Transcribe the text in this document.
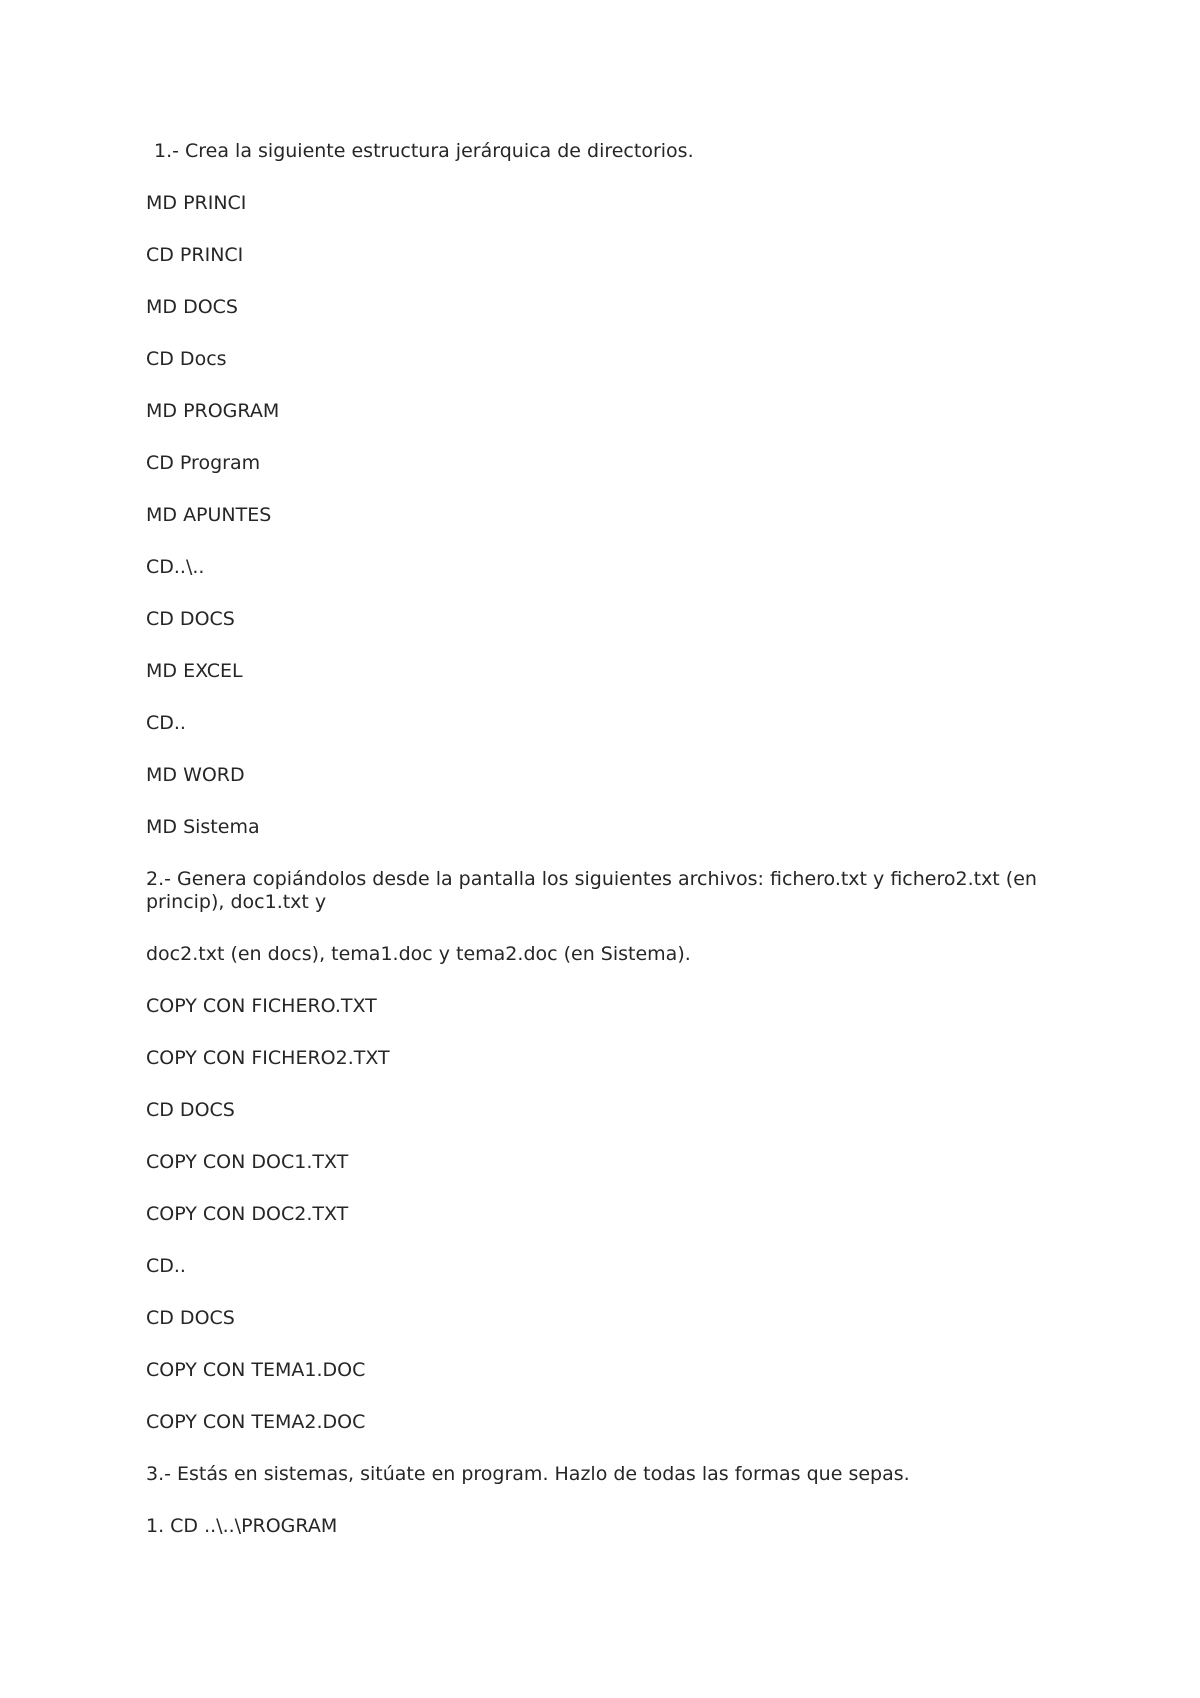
1.- Crea la siguiente estructura jerárquica de directorios.
MD PRINCI
CD PRINCI
MD DOCS
CD Docs
MD PROGRAM
CD Program
MD APUNTES
CD..\..
CD DOCS
MD EXCEL
CD..
MD WORD
MD Sistema
2.- Genera copiándolos desde la pantalla los siguientes archivos: fichero.txt y fichero2.txt (en princip), doc1.txt y
doc2.txt (en docs), tema1.doc y tema2.doc (en Sistema).
COPY CON FICHERO.TXT
COPY CON FICHERO2.TXT
CD DOCS
COPY CON DOC1.TXT
COPY CON DOC2.TXT
CD..
CD DOCS
COPY CON TEMA1.DOC
COPY CON TEMA2.DOC
3.- Estás en sistemas, sitúate en program. Hazlo de todas las formas que sepas.
1. CD ..\..\PROGRAM
